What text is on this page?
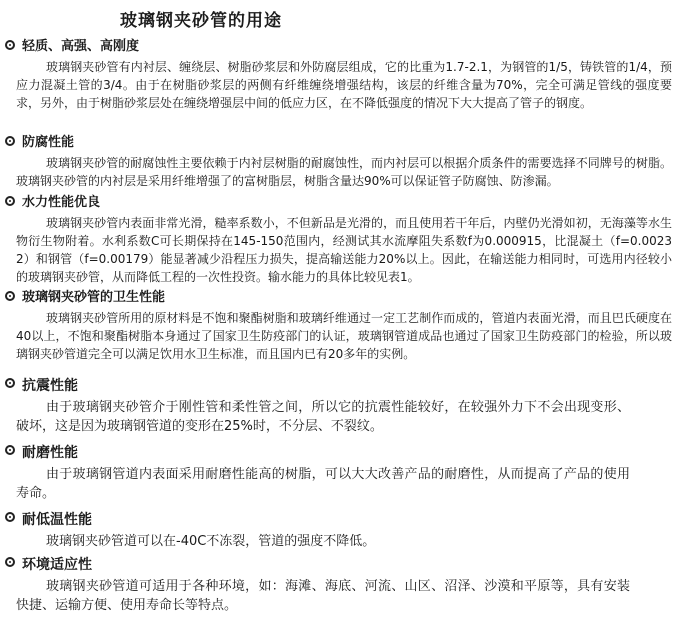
玻璃钢夹砂管的用途
轻质、高强、高刚度

玻璃钢夹砂管有内衬层、缠绕层、树脂砂浆层和外防腐层组成，它的比重为1.7-2.1，为钢管的1/5，铸铁管的1/4，预应力混凝土管的3/4。由于在树脂砂浆层的两侧有纤维缠绕增强结构，该层的纤维含量为70%，完全可满足管线的强度要求，另外，由于树脂砂浆层处在缠绕增强层中间的低应力区，在不降低强度的情况下大大提高了管子的钢度。

防腐性能

玻璃钢夹砂管的耐腐蚀性主要依赖于内衬层树脂的耐腐蚀性，而内衬层可以根据介质条件的需要选择不同牌号的树脂。玻璃钢夹砂管的内衬层是采用纤维增强了的富树脂层，树脂含量达90%可以保证管子防腐蚀、防渗漏。

水力性能优良

玻璃钢夹砂管内表面非常光滑，糙率系数小，不但新品是光滑的，而且使用若干年后，内壁仍光滑如初，无海藻等水生物衍生物附着。水利系数C可长期保持在145-150范围内，经测试其水流摩阻失系数f为0.000915，比混凝土（f=0.00232）和钢管（f=0.00179）能显著减少沿程压力损失，提高输送能力20%以上。因此，在输送能力相同时，可选用内径较小的玻璃钢夹砂管，从而降低工程的一次性投资。输水能力的具体比较见表1。

玻璃钢夹砂管的卫生性能

玻璃钢夹砂管所用的原材料是不饱和聚酯树脂和玻璃纤维通过一定工艺制作而成的，管道内表面光滑，而且巴氏硬度在40以上，不饱和聚酯树脂本身通过了国家卫生防疫部门的认证，玻璃钢管道成品也通过了国家卫生防疫部门的检验，所以玻璃钢夹砂管道完全可以满足饮用水卫生标准，而且国内已有20多年的实例。

抗震性能

由于玻璃钢夹砂管介于刚性管和柔性管之间，所以它的抗震性能较好，在较强外力下不会出现变形、破坏，这是因为玻璃钢管道的变形在25%时，不分层、不裂纹。

耐磨性能

由于玻璃钢管道内表面采用耐磨性能高的树脂，可以大大改善产品的耐磨性，从而提高了产品的使用寿命。

耐低温性能

玻璃钢夹砂管道可以在-40C不冻裂，管道的强度不降低。

环境适应性

玻璃钢夹砂管道可适用于各种环境，如：海滩、海底、河流、山区、沼泽、沙漠和平原等，具有安装快捷、运输方便、使用寿命长等特点。
